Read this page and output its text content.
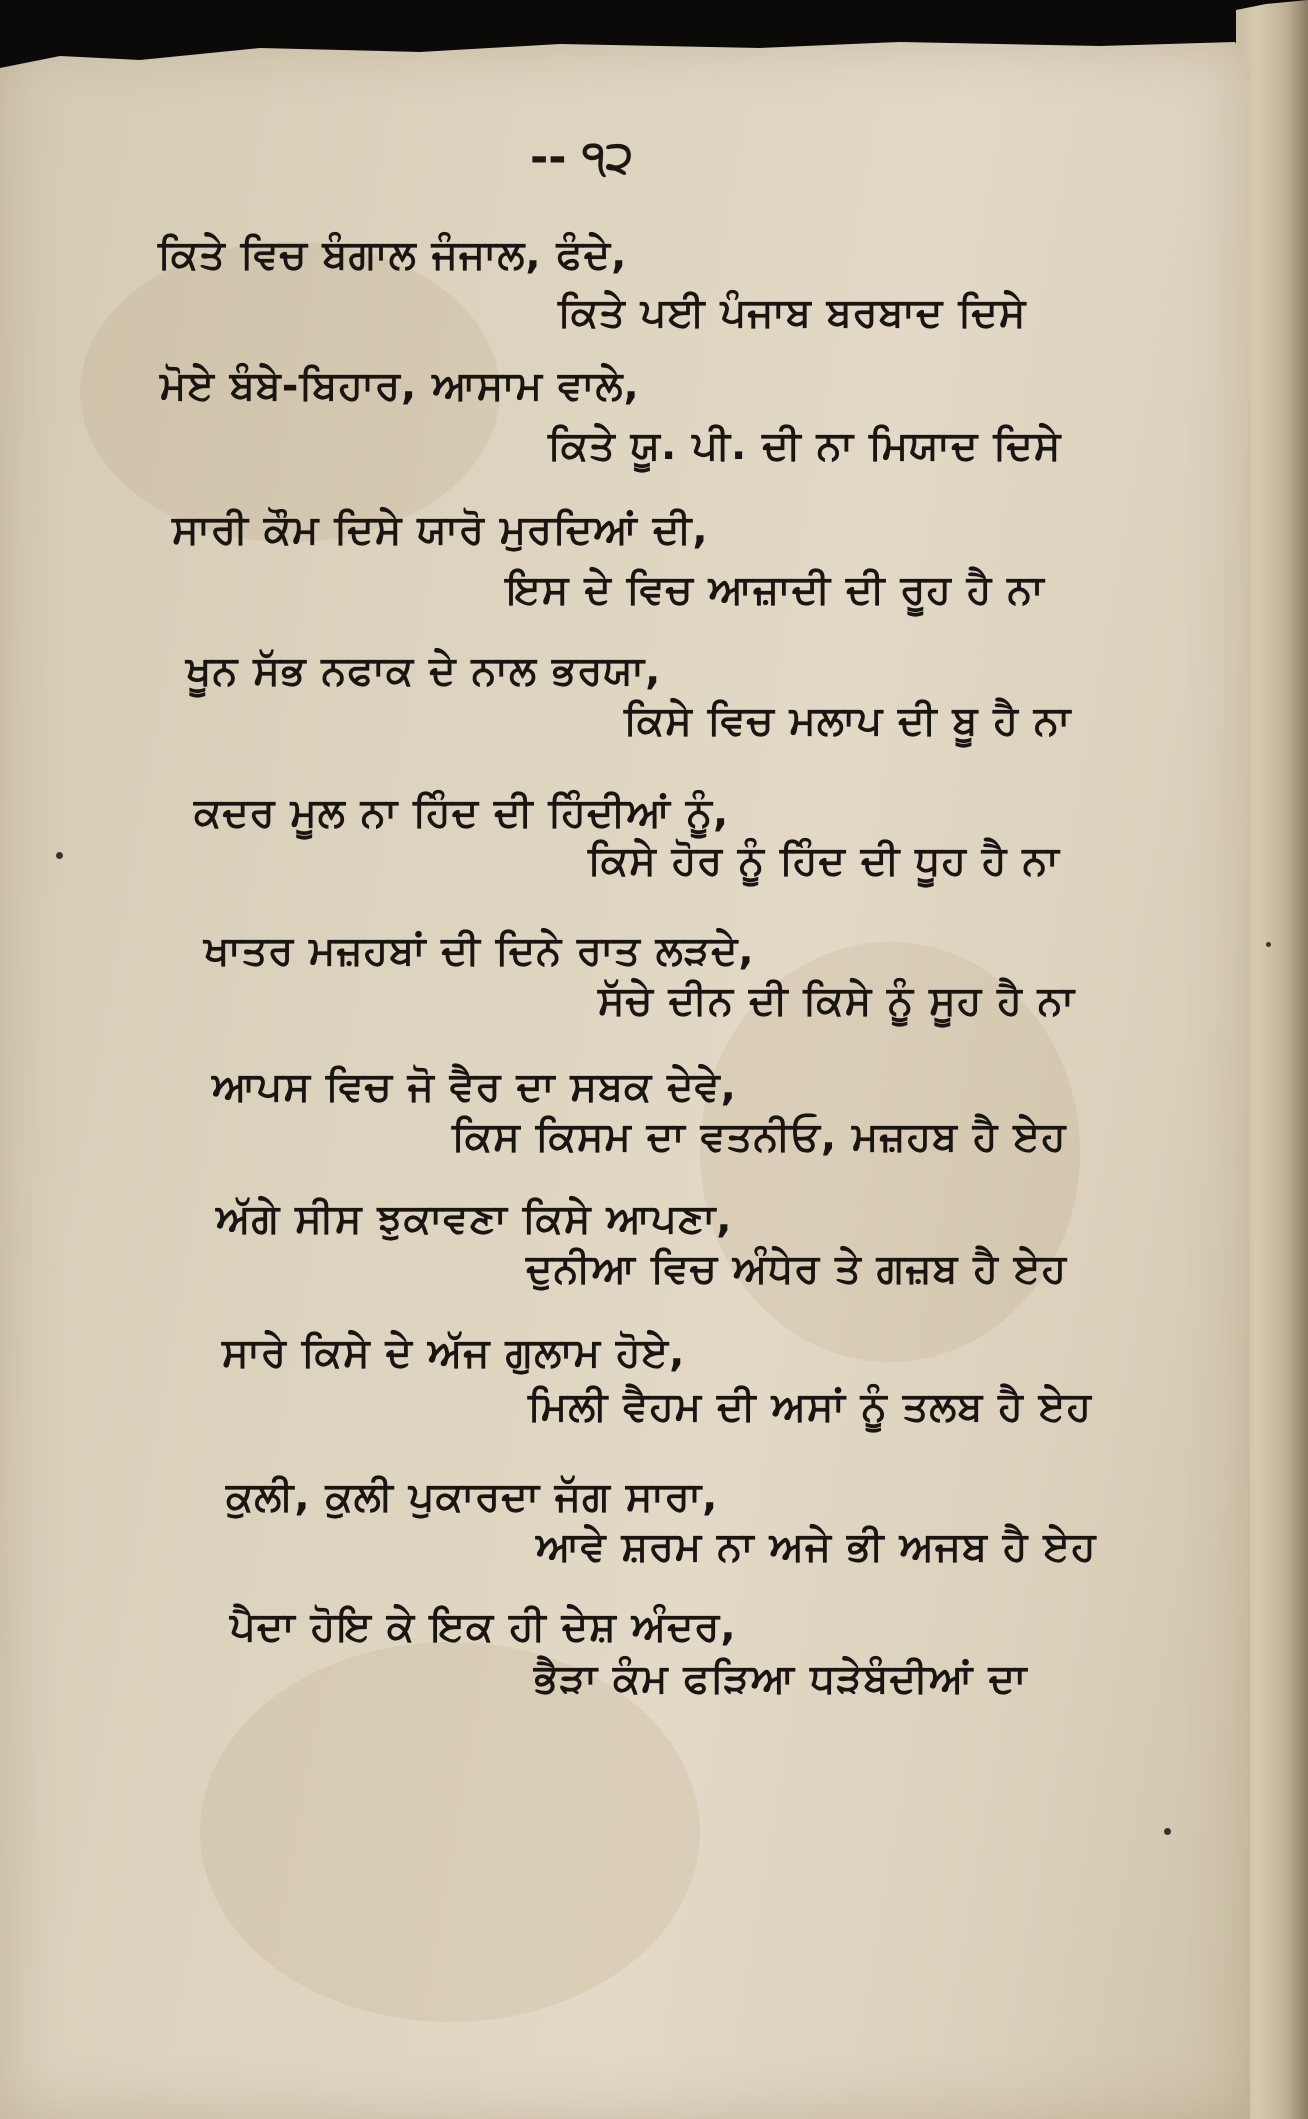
-- ੧੨
ਕਿਤੇ ਵਿਚ ਬੰਗਾਲ ਜੰਜਾਲ, ਫੰਦੇ,
ਕਿਤੇ ਪਈ ਪੰਜਾਬ ਬਰਬਾਦ ਦਿਸੇ
ਮੋਏ ਬੰਬੇ-ਬਿਹਾਰ, ਆਸਾਮ ਵਾਲੇ,
ਕਿਤੇ ਯੂ. ਪੀ. ਦੀ ਨਾ ਮਿਯਾਦ ਦਿਸੇ
ਸਾਰੀ ਕੌਮ ਦਿਸੇ ਯਾਰੋ ਮੁਰਦਿਆਂ ਦੀ,
ਇਸ ਦੇ ਵਿਚ ਆਜ਼ਾਦੀ ਦੀ ਰੂਹ ਹੈ ਨਾ
ਖੂਨ ਸੱਭ ਨਫਾਕ ਦੇ ਨਾਲ ਭਰਯਾ,
ਕਿਸੇ ਵਿਚ ਮਲਾਪ ਦੀ ਬੂ ਹੈ ਨਾ
ਕਦਰ ਮੂਲ ਨਾ ਹਿੰਦ ਦੀ ਹਿੰਦੀਆਂ ਨੂੰ,
ਕਿਸੇ ਹੋਰ ਨੂੰ ਹਿੰਦ ਦੀ ਧੂਹ ਹੈ ਨਾ
ਖਾਤਰ ਮਜ਼ਹਬਾਂ ਦੀ ਦਿਨੇ ਰਾਤ ਲੜਦੇ,
ਸੱਚੇ ਦੀਨ ਦੀ ਕਿਸੇ ਨੂੰ ਸੂਹ ਹੈ ਨਾ
ਆਪਸ ਵਿਚ ਜੋ ਵੈਰ ਦਾ ਸਬਕ ਦੇਵੇ,
ਕਿਸ ਕਿਸਮ ਦਾ ਵਤਨੀਓ, ਮਜ਼ਹਬ ਹੈ ਏਹ
ਅੱਗੇ ਸੀਸ ਝੁਕਾਵਣਾ ਕਿਸੇ ਆਪਣਾ,
ਦੁਨੀਆ ਵਿਚ ਅੰਧੇਰ ਤੇ ਗਜ਼ਬ ਹੈ ਏਹ
ਸਾਰੇ ਕਿਸੇ ਦੇ ਅੱਜ ਗੁਲਾਮ ਹੋਏ,
ਮਿਲੀ ਵੈਹਮ ਦੀ ਅਸਾਂ ਨੂੰ ਤਲਬ ਹੈ ਏਹ
ਕੁਲੀ, ਕੁਲੀ ਪੁਕਾਰਦਾ ਜੱਗ ਸਾਰਾ,
ਆਵੇ ਸ਼ਰਮ ਨਾ ਅਜੇ ਭੀ ਅਜਬ ਹੈ ਏਹ
ਪੈਦਾ ਹੋਇ ਕੇ ਇਕ ਹੀ ਦੇਸ਼ ਅੰਦਰ,
ਭੈੜਾ ਕੰਮ ਫੜਿਆ ਧੜੇਬੰਦੀਆਂ ਦਾ
